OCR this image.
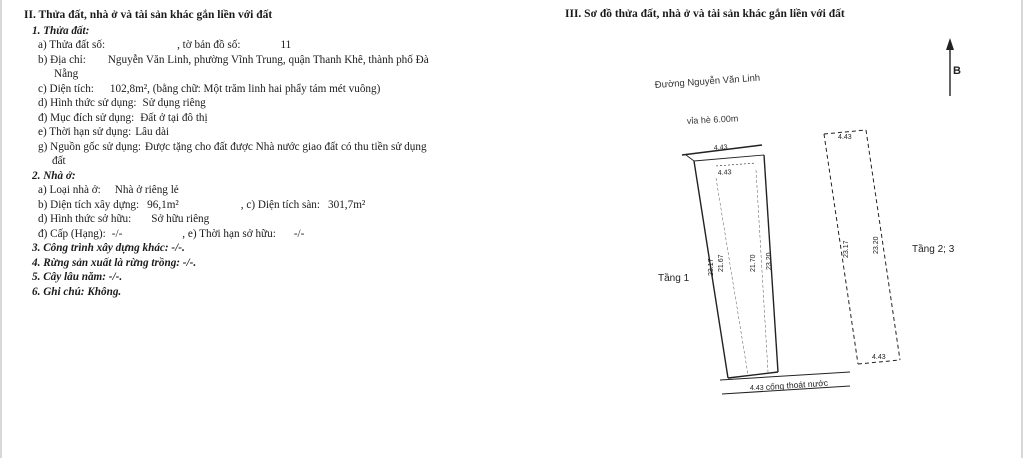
II. Thửa đất, nhà ở và tài sản khác gắn liền với đất
1. Thửa đất:
a) Thửa đất số:	, tờ bản đồ số:	11
b) Địa chỉ: Nguyễn Văn Linh, phường Vĩnh Trung, quận Thanh Khê, thành phố Đà
Nẵng
c) Diện tích: 102,8m², (bằng chữ: Một trăm linh hai phẩy tám mét vuông)
d) Hình thức sử dụng: Sử dụng riêng
đ) Mục đích sử dụng: Đất ở tại đô thị
e) Thời hạn sử dụng: Lâu dài
g) Nguồn gốc sử dụng: Được tặng cho đất được Nhà nước giao đất có thu tiền sử dụng
đất
2. Nhà ở:
a) Loại nhà ở: Nhà ở riêng lẻ
b) Diện tích xây dựng: 96,1m²	, c) Diện tích sàn: 301,7m²
d) Hình thức sở hữu: Sở hữu riêng
đ) Cấp (Hạng): -/-	, e) Thời hạn sở hữu: -/-
3. Công trình xây dựng khác: -/-.
4. Rừng sản xuất là rừng trồng: -/-.
5. Cây lâu năm: -/-.
6. Ghi chú: Không.
III. Sơ đồ thửa đất, nhà ở và tài sản khác gắn liền với đất
B
Đường Nguyễn Văn Linh
vỉa hè 6.00m
4.43
4.43
23.17 21.67	21.70 23.20
4.43 cống thoát nước
Tầng 1
4.43
23.17	23.20
4.43
Tầng 2; 3
